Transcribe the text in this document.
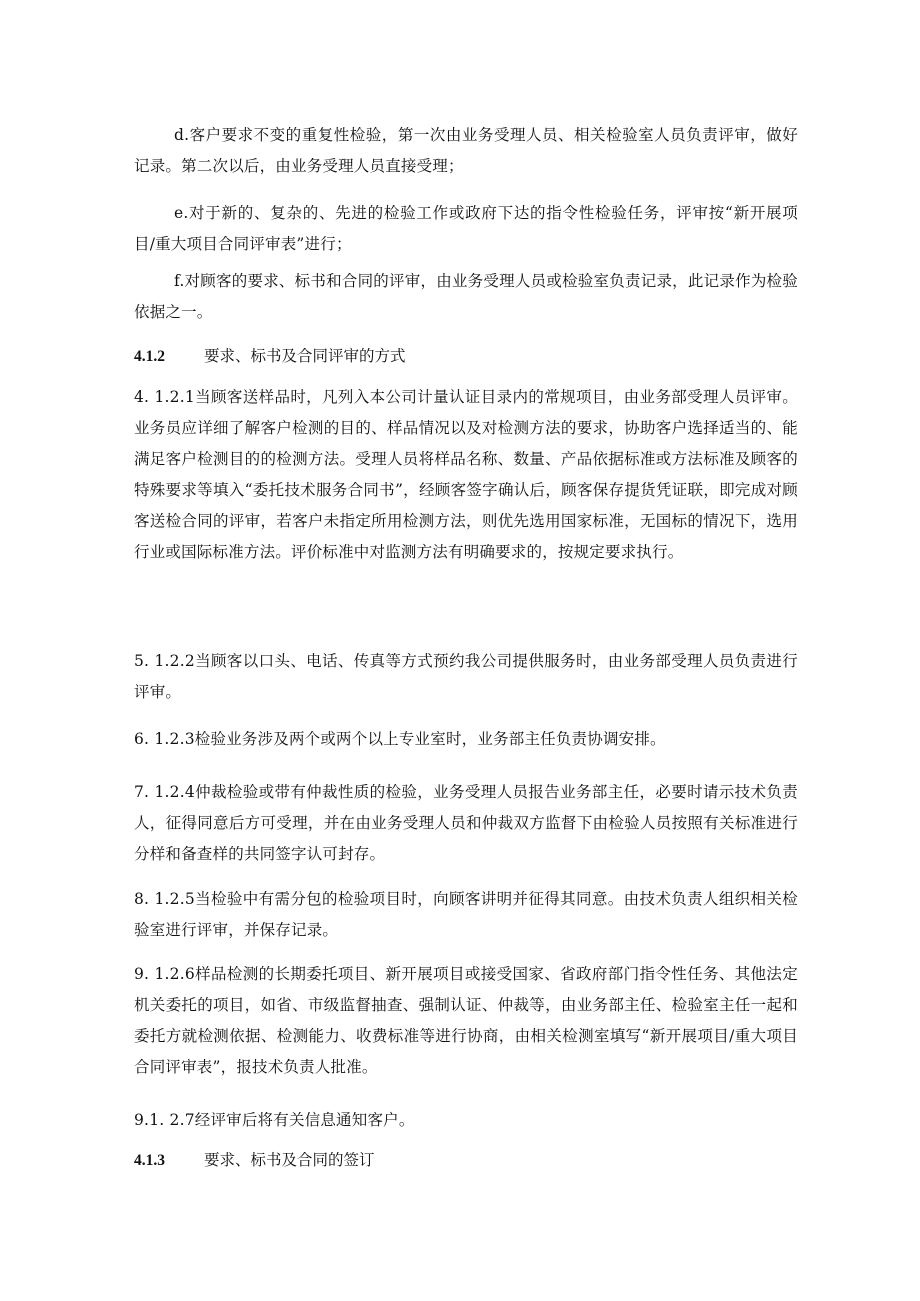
d.客户要求不变的重复性检验，第一次由业务受理人员、相关检验室人员负责评审，做好记录。第二次以后，由业务受理人员直接受理；

e.对于新的、复杂的、先进的检验工作或政府下达的指令性检验任务，评审按“新开展项目/重大项目合同评审表”进行；

f.对顾客的要求、标书和合同的评审，由业务受理人员或检验室负责记录，此记录作为检验依据之一。

4.1.2	要求、标书及合同评审的方式

4. 1.2.1当顾客送样品时，凡列入本公司计量认证目录内的常规项目，由业务部受理人员评审。业务员应详细了解客户检测的目的、样品情况以及对检测方法的要求，协助客户选择适当的、能满足客户检测目的的检测方法。受理人员将样品名称、数量、产品依据标准或方法标准及顾客的特殊要求等填入“委托技术服务合同书”，经顾客签字确认后，顾客保存提货凭证联，即完成对顾客送检合同的评审，若客户未指定所用检测方法，则优先选用国家标准，无国标的情况下，选用行业或国际标准方法。评价标准中对监测方法有明确要求的，按规定要求执行。

5. 1.2.2当顾客以口头、电话、传真等方式预约我公司提供服务时，由业务部受理人员负责进行评审。

6. 1.2.3检验业务涉及两个或两个以上专业室时，业务部主任负责协调安排。

7. 1.2.4仲裁检验或带有仲裁性质的检验，业务受理人员报告业务部主任，必要时请示技术负责人，征得同意后方可受理，并在由业务受理人员和仲裁双方监督下由检验人员按照有关标准进行分样和备查样的共同签字认可封存。

8. 1.2.5当检验中有需分包的检验项目时，向顾客讲明并征得其同意。由技术负责人组织相关检验室进行评审，并保存记录。

9. 1.2.6样品检测的长期委托项目、新开展项目或接受国家、省政府部门指令性任务、其他法定机关委托的项目，如省、市级监督抽查、强制认证、仲裁等，由业务部主任、检验室主任一起和委托方就检测依据、检测能力、收费标准等进行协商，由相关检测室填写“新开展项目/重大项目合同评审表”，报技术负责人批准。

9.1. 2.7经评审后将有关信息通知客户。

4.1.3	要求、标书及合同的签订
